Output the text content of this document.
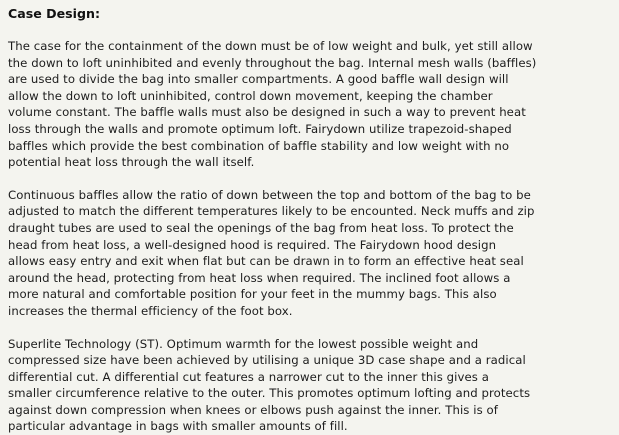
Case Design:

The case for the containment of the down must be of low weight and bulk, yet still allow
the down to loft uninhibited and evenly throughout the bag. Internal mesh walls (baffles)
are used to divide the bag into smaller compartments. A good baffle wall design will
allow the down to loft uninhibited, control down movement, keeping the chamber
volume constant. The baffle walls must also be designed in such a way to prevent heat
loss through the walls and promote optimum loft. Fairydown utilize trapezoid-shaped
baffles which provide the best combination of baffle stability and low weight with no
potential heat loss through the wall itself.

Continuous baffles allow the ratio of down between the top and bottom of the bag to be
adjusted to match the different temperatures likely to be encounted. Neck muffs and zip
draught tubes are used to seal the openings of the bag from heat loss. To protect the
head from heat loss, a well-designed hood is required. The Fairydown hood design
allows easy entry and exit when flat but can be drawn in to form an effective heat seal
around the head, protecting from heat loss when required. The inclined foot allows a
more natural and comfortable position for your feet in the mummy bags. This also
increases the thermal efficiency of the foot box.

Superlite Technology (ST). Optimum warmth for the lowest possible weight and
compressed size have been achieved by utilising a unique 3D case shape and a radical
differential cut. A differential cut features a narrower cut to the inner this gives a
smaller circumference relative to the outer. This promotes optimum lofting and protects
against down compression when knees or elbows push against the inner. This is of
particular advantage in bags with smaller amounts of fill.
